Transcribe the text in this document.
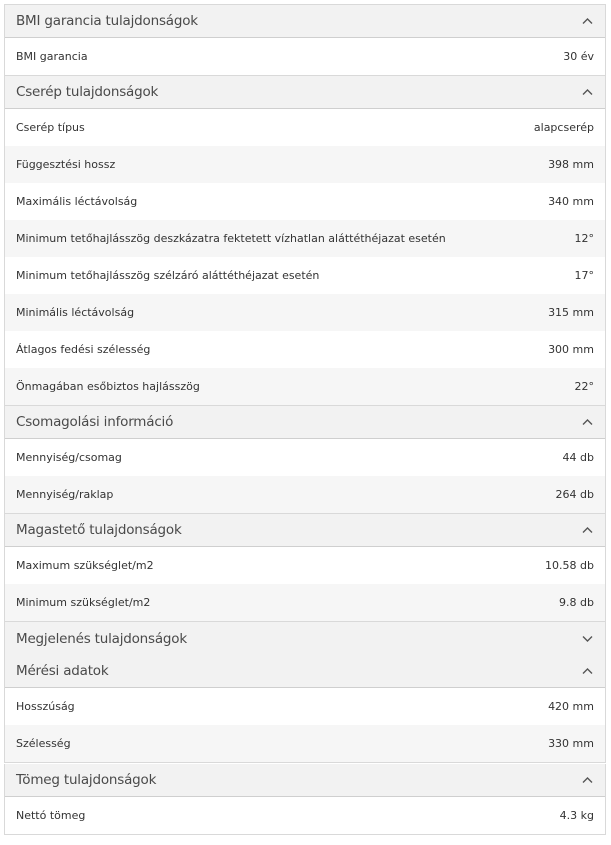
BMI garancia tulajdonságok
BMI garancia	30 év
Cserép tulajdonságok
Cserép típus	alapcserép
Függesztési hossz	398 mm
Maximális léctávolság	340 mm
Minimum tetőhajlásszög deszkázatra fektetett vízhatlan aláttéthéjazat esetén	12°
Minimum tetőhajlásszög szélzáró aláttéthéjazat esetén	17°
Minimális léctávolság	315 mm
Átlagos fedési szélesség	300 mm
Önmagában esőbiztos hajlásszög	22°
Csomagolási információ
Mennyiség/csomag	44 db
Mennyiség/raklap	264 db
Magastető tulajdonságok
Maximum szükséglet/m2	10.58 db
Minimum szükséglet/m2	9.8 db
Megjelenés tulajdonságok
Mérési adatok
Hosszúság	420 mm
Szélesség	330 mm
Tömeg tulajdonságok
Nettó tömeg	4.3 kg
